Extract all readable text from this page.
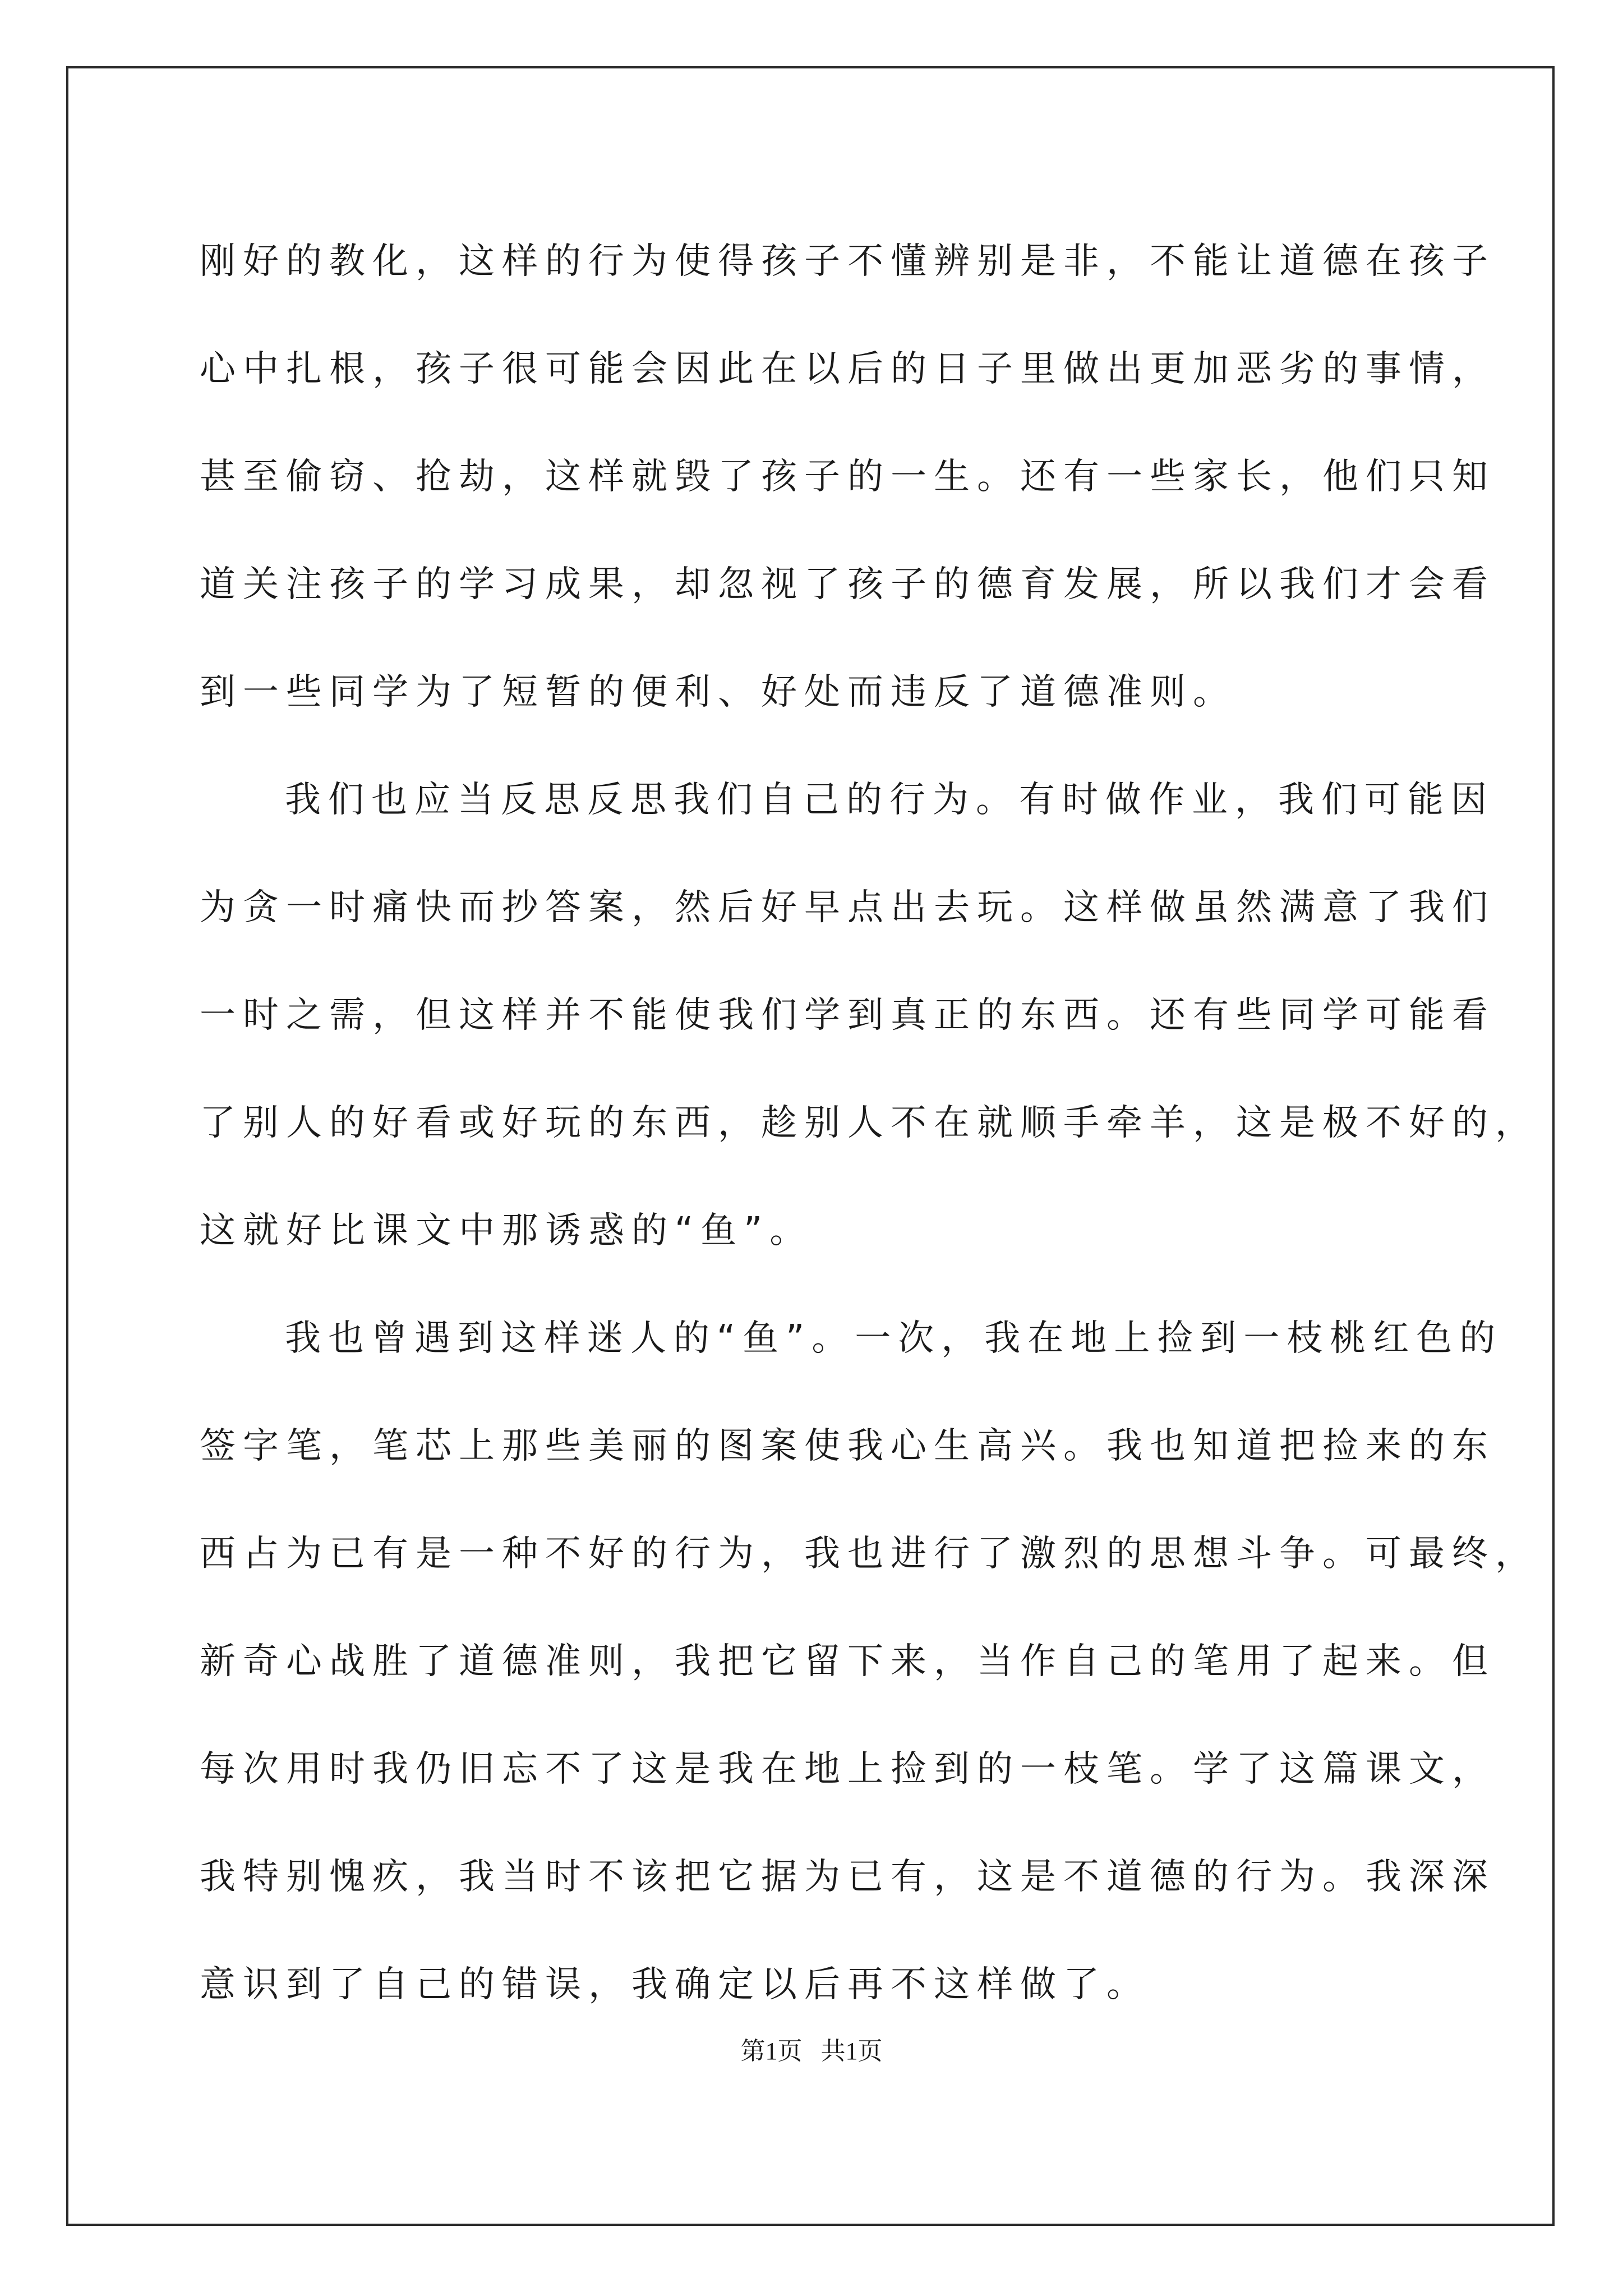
刚好的教化，这样的行为使得孩子不懂辨别是非，不能让道德在孩子
心中扎根，孩子很可能会因此在以后的日子里做出更加恶劣的事情，
甚至偷窃、抢劫，这样就毁了孩子的一生。还有一些家长，他们只知
道关注孩子的学习成果，却忽视了孩子的德育发展，所以我们才会看
到一些同学为了短暂的便利、好处而违反了道德准则。
我们也应当反思反思我们自己的行为。有时做作业，我们可能因
为贪一时痛快而抄答案，然后好早点出去玩。这样做虽然满意了我们
一时之需，但这样并不能使我们学到真正的东西。还有些同学可能看
了别人的好看或好玩的东西，趁别人不在就顺手牵羊，这是极不好的，
这就好比课文中那诱惑的“鱼”。
我也曾遇到这样迷人的“鱼”。一次，我在地上捡到一枝桃红色的
签字笔，笔芯上那些美丽的图案使我心生高兴。我也知道把捡来的东
西占为已有是一种不好的行为，我也进行了激烈的思想斗争。可最终，
新奇心战胜了道德准则，我把它留下来，当作自己的笔用了起来。但
每次用时我仍旧忘不了这是我在地上捡到的一枝笔。学了这篇课文，
我特别愧疚，我当时不该把它据为已有，这是不道德的行为。我深深
意识到了自己的错误，我确定以后再不这样做了。
第1页   共1页
